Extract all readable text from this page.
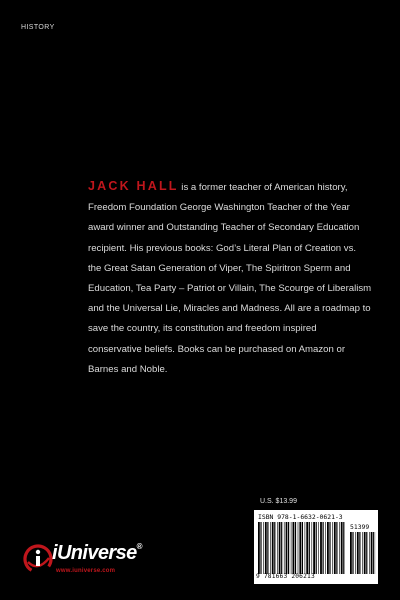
HISTORY

JACK HALL is a former teacher of American history, Freedom Foundation George Washington Teacher of the Year award winner and Outstanding Teacher of Secondary Education recipient. His previous books: God’s Literal Plan of Creation vs. the Great Satan Generation of Viper, The Spiritron Sperm and Education, Tea Party – Patriot or Villain, The Scourge of Liberalism and the Universal Lie, Miracles and Madness. All are a roadmap to save the country, its constitution and freedom inspired conservative beliefs. Books can be purchased on Amazon or Barnes and Noble.

iUniverse®
www.iuniverse.com
U.S. $13.99
ISBN 978-1-6632-0621-3
51399
9 781663 206213
